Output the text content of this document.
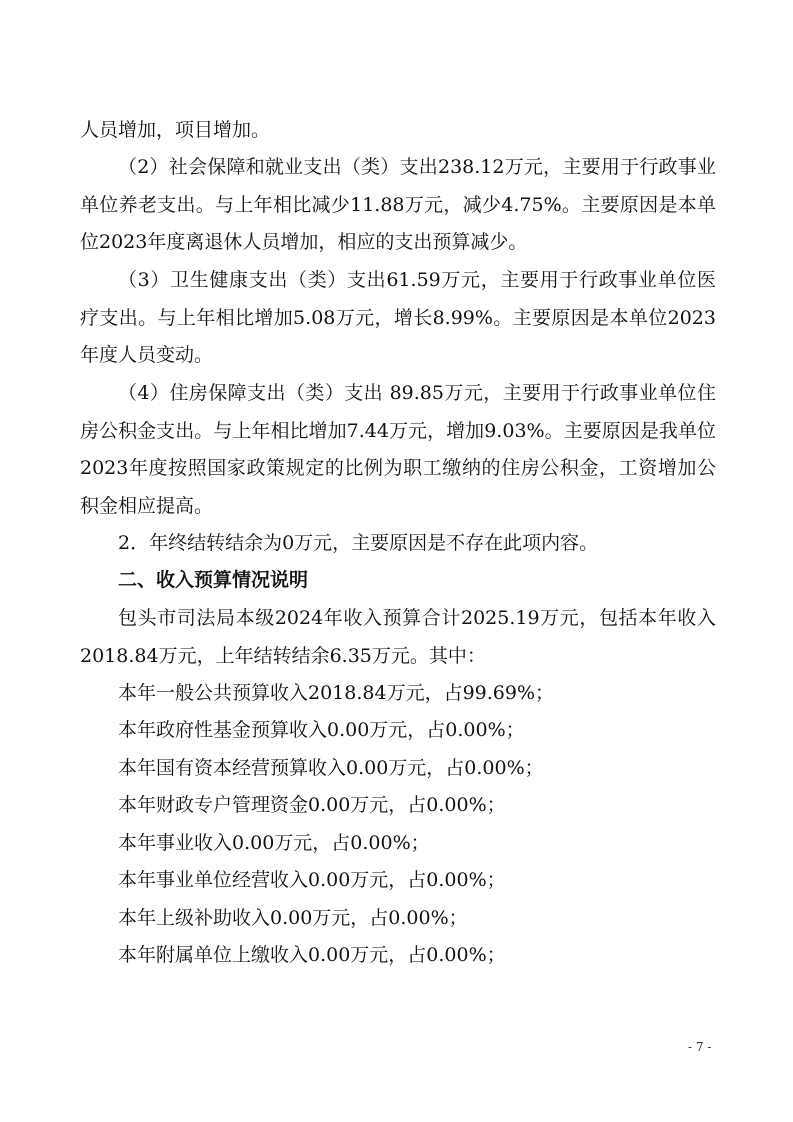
人员增加，项目增加。

（2）社会保障和就业支出（类）支出238.12万元，主要用于行政事业单位养老支出。与上年相比减少11.88万元，减少4.75%。主要原因是本单位2023年度离退休人员增加，相应的支出预算减少。

（3）卫生健康支出（类）支出61.59万元，主要用于行政事业单位医疗支出。与上年相比增加5.08万元，增长8.99%。主要原因是本单位2023年度人员变动。

（4）住房保障支出（类）支出 89.85万元，主要用于行政事业单位住房公积金支出。与上年相比增加7.44万元，增加9.03%。主要原因是我单位2023年度按照国家政策规定的比例为职工缴纳的住房公积金，工资增加公积金相应提高。

2．年终结转结余为0万元，主要原因是不存在此项内容。

二、收入预算情况说明

包头市司法局本级2024年收入预算合计2025.19万元，包括本年收入2018.84万元，上年结转结余6.35万元。其中：

本年一般公共预算收入2018.84万元，占99.69%；

本年政府性基金预算收入0.00万元，占0.00%；

本年国有资本经营预算收入0.00万元，占0.00%；

本年财政专户管理资金0.00万元，占0.00%；

本年事业收入0.00万元，占0.00%；

本年事业单位经营收入0.00万元，占0.00%；

本年上级补助收入0.00万元，占0.00%；

本年附属单位上缴收入0.00万元，占0.00%；

- 7 -
